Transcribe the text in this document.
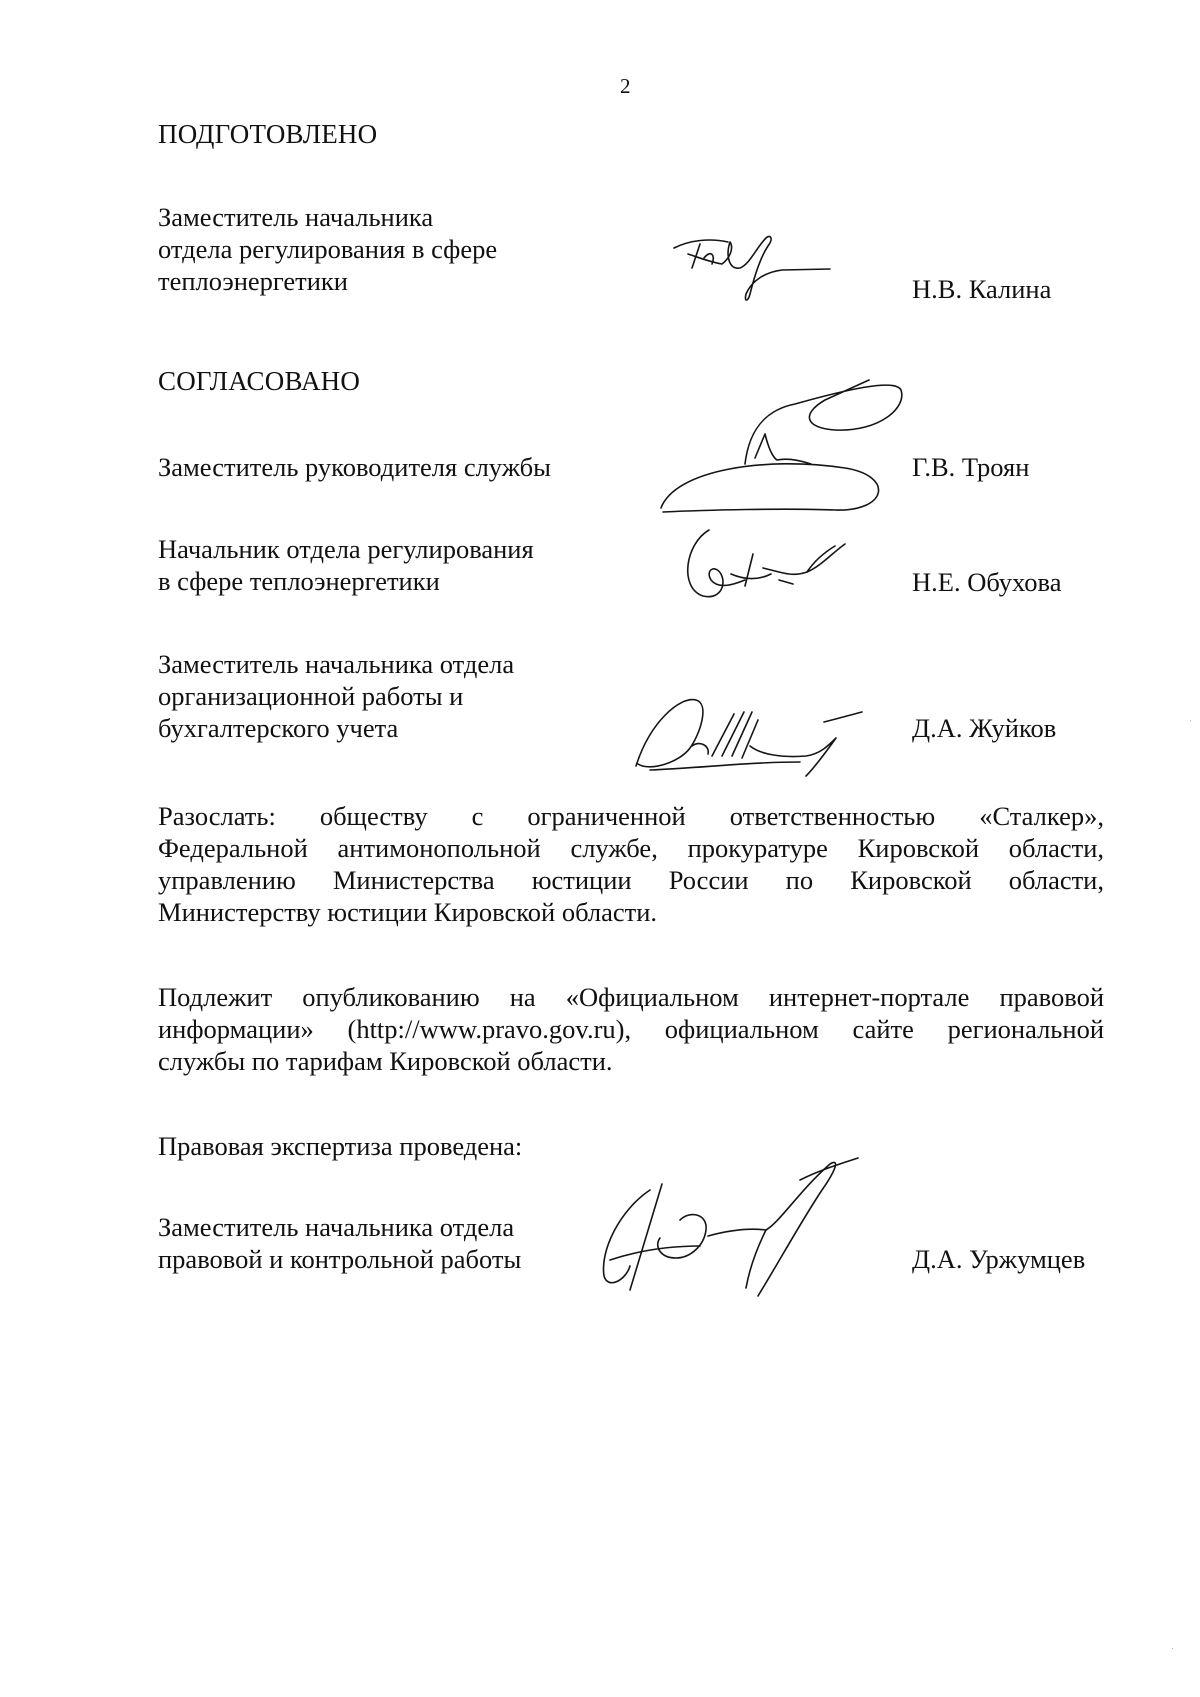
2
ПОДГОТОВЛЕНО
Заместитель начальника
отдела регулирования в сфере
теплоэнергетики	Н.В. Калина
СОГЛАСОВАНО
Заместитель руководителя службы	Г.В. Троян
Начальник отдела регулирования
в сфере теплоэнергетики	Н.Е. Обухова
Заместитель начальника отдела
организационной работы и
бухгалтерского учета	Д.А. Жуйков
Разослать: обществу с ограниченной ответственностью «Сталкер»,
Федеральной антимонопольной службе, прокуратуре Кировской области,
управлению Министерства юстиции России по Кировской области,
Министерству юстиции Кировской области.
Подлежит опубликованию на «Официальном интернет-портале правовой
информации» (http://www.pravo.gov.ru), официальном сайте региональной
службы по тарифам Кировской области.
Правовая экспертиза проведена:
Заместитель начальника отдела
правовой и контрольной работы	Д.А. Уржумцев
